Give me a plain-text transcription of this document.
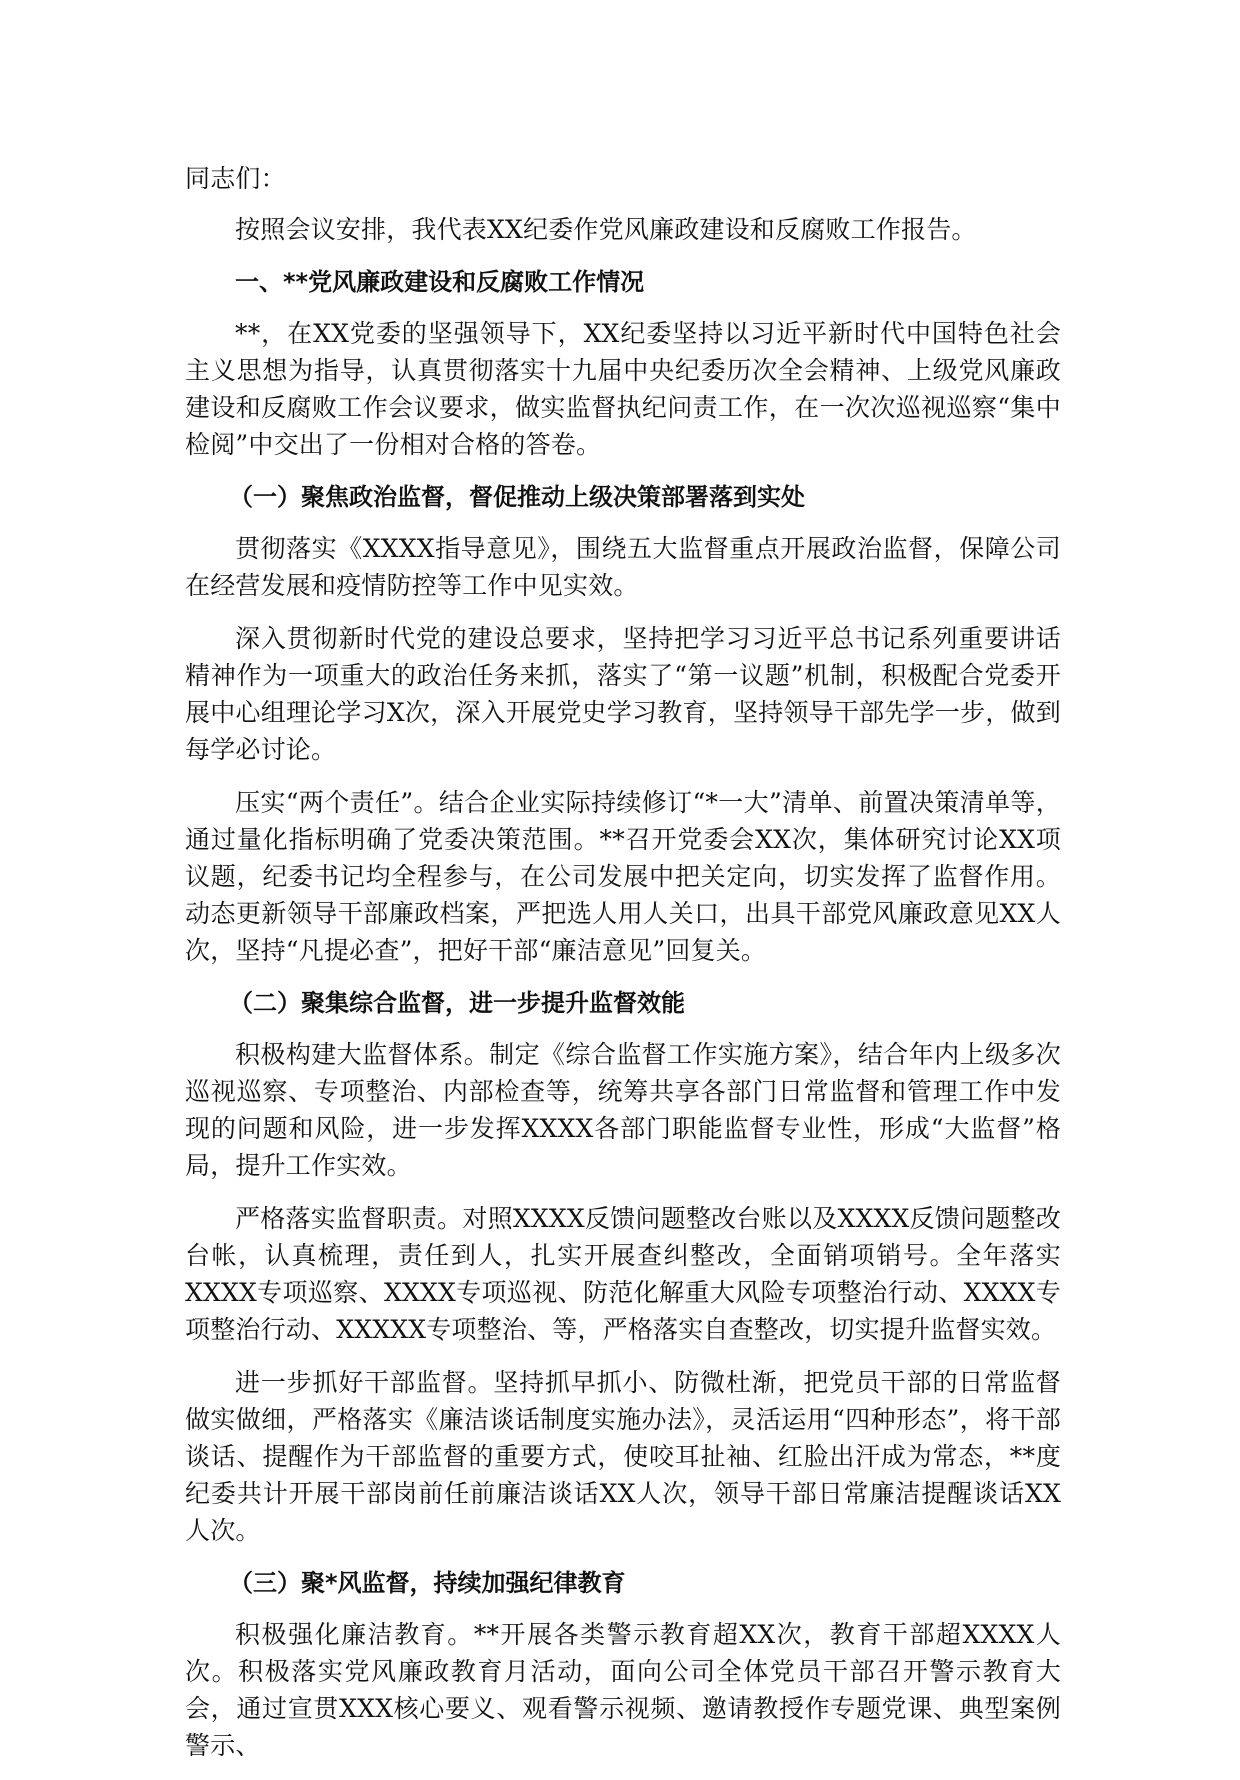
同志们：

按照会议安排，我代表XX纪委作党风廉政建设和反腐败工作报告。

一、**党风廉政建设和反腐败工作情况

**，在XX党委的坚强领导下，XX纪委坚持以习近平新时代中国特色社会主义思想为指导，认真贯彻落实十九届中央纪委历次全会精神、上级党风廉政建设和反腐败工作会议要求，做实监督执纪问责工作，在一次次巡视巡察“集中检阅”中交出了一份相对合格的答卷。

（一）聚焦政治监督，督促推动上级决策部署落到实处

贯彻落实《XXXX指导意见》，围绕五大监督重点开展政治监督，保障公司在经营发展和疫情防控等工作中见实效。

深入贯彻新时代党的建设总要求，坚持把学习习近平总书记系列重要讲话精神作为一项重大的政治任务来抓，落实了“第一议题”机制，积极配合党委开展中心组理论学习X次，深入开展党史学习教育，坚持领导干部先学一步，做到每学必讨论。

压实“两个责任”。结合企业实际持续修订“*一大”清单、前置决策清单等，通过量化指标明确了党委决策范围。**召开党委会XX次，集体研究讨论XX项议题，纪委书记均全程参与，在公司发展中把关定向，切实发挥了监督作用。动态更新领导干部廉政档案，严把选人用人关口，出具干部党风廉政意见XX人次，坚持“凡提必查”，把好干部“廉洁意见”回复关。

（二）聚集综合监督，进一步提升监督效能

积极构建大监督体系。制定《综合监督工作实施方案》，结合年内上级多次巡视巡察、专项整治、内部检查等，统筹共享各部门日常监督和管理工作中发现的问题和风险，进一步发挥XXXX各部门职能监督专业性，形成“大监督”格局，提升工作实效。

严格落实监督职责。对照XXXX反馈问题整改台账以及XXXX反馈问题整改台帐，认真梳理，责任到人，扎实开展查纠整改，全面销项销号。全年落实XXXX专项巡察、XXXX专项巡视、防范化解重大风险专项整治行动、XXXX专项整治行动、XXXXX专项整治、等，严格落实自查整改，切实提升监督实效。

进一步抓好干部监督。坚持抓早抓小、防微杜渐，把党员干部的日常监督做实做细，严格落实《廉洁谈话制度实施办法》，灵活运用“四种形态”，将干部谈话、提醒作为干部监督的重要方式，使咬耳扯袖、红脸出汗成为常态，**度纪委共计开展干部岗前任前廉洁谈话XX人次，领导干部日常廉洁提醒谈话XX人次。

（三）聚*风监督，持续加强纪律教育

积极强化廉洁教育。**开展各类警示教育超XX次，教育干部超XXXX人次。积极落实党风廉政教育月活动，面向公司全体党员干部召开警示教育大会，通过宣贯XXX核心要义、观看警示视频、邀请教授作专题党课、典型案例警示、
